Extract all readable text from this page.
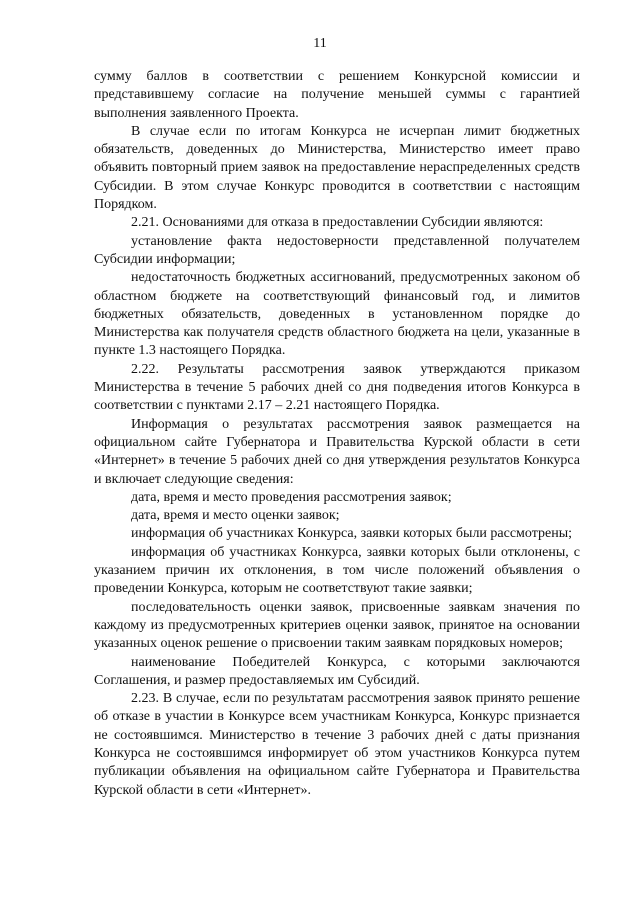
11

сумму баллов в соответствии с решением Конкурсной комиссии и представившему согласие на получение меньшей суммы с гарантией выполнения заявленного Проекта.

В случае если по итогам Конкурса не исчерпан лимит бюджетных обязательств, доведенных до Министерства, Министерство имеет право объявить повторный прием заявок на предоставление нераспределенных средств Субсидии. В этом случае Конкурс проводится в соответствии с настоящим Порядком.

2.21. Основаниями для отказа в предоставлении Субсидии являются:

установление факта недостоверности представленной получателем Субсидии информации;

недостаточность бюджетных ассигнований, предусмотренных законом об областном бюджете на соответствующий финансовый год, и лимитов бюджетных обязательств, доведенных в установленном порядке до Министерства как получателя средств областного бюджета на цели, указанные в пункте 1.3 настоящего Порядка.

2.22. Результаты рассмотрения заявок утверждаются приказом Министерства в течение 5 рабочих дней со дня подведения итогов Конкурса в соответствии с пунктами 2.17 – 2.21 настоящего Порядка.

Информация о результатах рассмотрения заявок размещается на официальном сайте Губернатора и Правительства Курской области в сети «Интернет» в течение 5 рабочих дней со дня утверждения результатов Конкурса и включает следующие сведения:

дата, время и место проведения рассмотрения заявок;

дата, время и место оценки заявок;

информация об участниках Конкурса, заявки которых были рассмотрены;

информация об участниках Конкурса, заявки которых были отклонены, с указанием причин их отклонения, в том числе положений объявления о проведении Конкурса, которым не соответствуют такие заявки;

последовательность оценки заявок, присвоенные заявкам значения по каждому из предусмотренных критериев оценки заявок, принятое на основании указанных оценок решение о присвоении таким заявкам порядковых номеров;

наименование Победителей Конкурса, с которыми заключаются Соглашения, и размер предоставляемых им Субсидий.

2.23. В случае, если по результатам рассмотрения заявок принято решение об отказе в участии в Конкурсе всем участникам Конкурса, Конкурс признается не состоявшимся. Министерство в течение 3 рабочих дней с даты признания Конкурса не состоявшимся информирует об этом участников Конкурса путем публикации объявления на официальном сайте Губернатора и Правительства Курской области в сети «Интернет».
